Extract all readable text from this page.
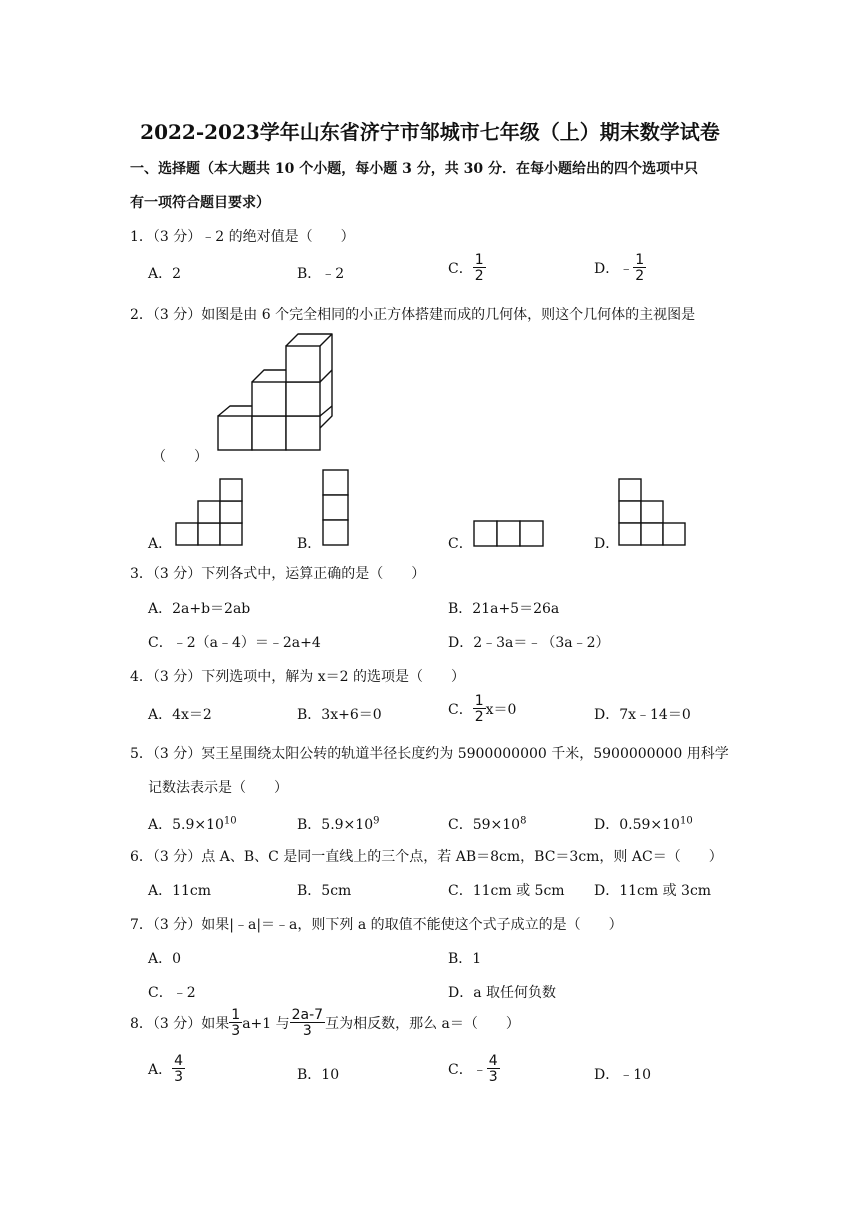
2022-2023学年山东省济宁市邹城市七年级（上）期末数学试卷
一、选择题（本大题共 10 个小题，每小题 3 分，共 30 分．在每小题给出的四个选项中只
有一项符合题目要求）
1．（3 分）﹣2 的绝对值是（　　）
A．2	B．﹣2	C． $\frac{1}{2}$	D．﹣ $\frac{1}{2}$
2．（3 分）如图是由 6 个完全相同的小正方体搭建而成的几何体，则这个几何体的主视图是
（　　）
A．	B．	C．	D．
3．（3 分）下列各式中，运算正确的是（　　）
A．2a+b＝2ab	B．21a+5＝26a
C．﹣2（a﹣4）＝﹣2a+4	D．2﹣3a＝﹣（3a﹣2）
4．（3 分）下列选项中，解为 x＝2 的选项是（　　）
A．4x＝2	B．3x+6＝0	C． $\frac{1}{2} x=0$	D．7x﹣14＝0
5．（3 分）冥王星围绕太阳公转的轨道半径长度约为 5900000000 千米，5900000000 用科学
记数法表示是（　　）
A．$5.9\times 10^{10}$	B．$5.9\times 10^9$	C．$59\times 10^8$	D．$0.59\times 10^{10}$
6．（3 分）点 A、B、C 是同一直线上的三个点，若 AB＝8cm，BC＝3cm，则 AC＝（　　）
A．11cm	B．5cm	C．11cm 或 5cm D．11cm 或 3cm
7．（3 分）如果|﹣a|＝﹣a，则下列 a 的取值不能使这个式子成立的是（　　）
A．0	B．1
C．﹣2	D．a 取任何负数
8．（3 分）如果 $\frac{1}{3} a+1$ 与 $\frac{2a-7}{3}$ 互为相反数，那么 a＝（　　）
A． $\frac{4}{3}$	B．10	C．﹣ $\frac{4}{3}$	D．﹣10
